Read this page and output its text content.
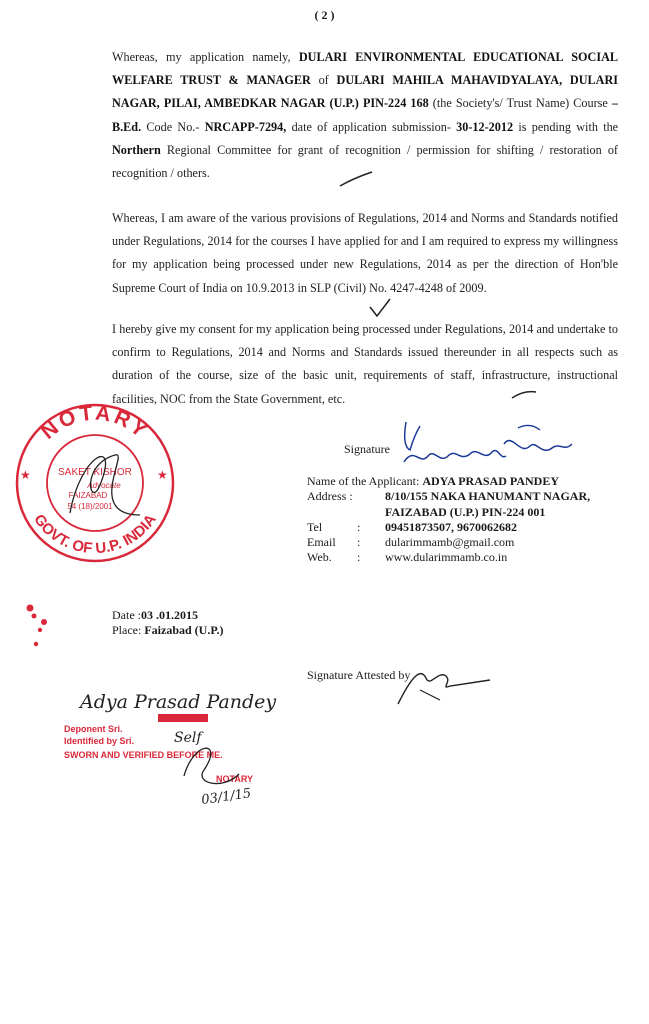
( 2 )
Whereas, my application namely, DULARI ENVIRONMENTAL EDUCATIONAL SOCIAL WELFARE TRUST & MANAGER of DULARI MAHILA MAHAVIDYALAYA, DULARI NAGAR, PILAI, AMBEDKAR NAGAR (U.P.) PIN-224 168 (the Society's/ Trust Name) Course – B.Ed. Code No.- NRCAPP-7294, date of application submission- 30-12-2012 is pending with the Northern Regional Committee for grant of recognition / permission for shifting / restoration of recognition / others.
Whereas, I am aware of the various provisions of Regulations, 2014 and Norms and Standards notified under Regulations, 2014 for the courses I have applied for and I am required to express my willingness for my application being processed under new Regulations, 2014 as per the direction of Hon'ble Supreme Court of India on 10.9.2013 in SLP (Civil) No. 4247-4248 of 2009.
I hereby give my consent for my application being processed under Regulations, 2014 and undertake to confirm to Regulations, 2014 and Norms and Standards issued thereunder in all respects such as duration of the course, size of the basic unit, requirements of staff, infrastructure, instructional facilities, NOC from the State Government, etc.
NOTARY
GOVT. OF U.P. INDIA
★	★
SAKET KISHOR
Advocate
FAIZABAD
54 (18)/2001
Signature
Name of the Applicant: ADYA PRASAD PANDEY
Address :	8/10/155 NAKA HANUMANT NAGAR,
FAIZABAD (U.P.) PIN-224 001
Tel	: 09451873507, 9670062682
Email : dularimmamb@gmail.com
Web. : www.dularimmamb.co.in
Date :03 .01.2015
Place: Faizabad (U.P.)
Signature Attested by
Adya Prasad Pandey
Deponent Sri.
Identified by Sri.	Self
SWORN AND VERIFIED BEFORE ME.
NOTARY
03/1/15
